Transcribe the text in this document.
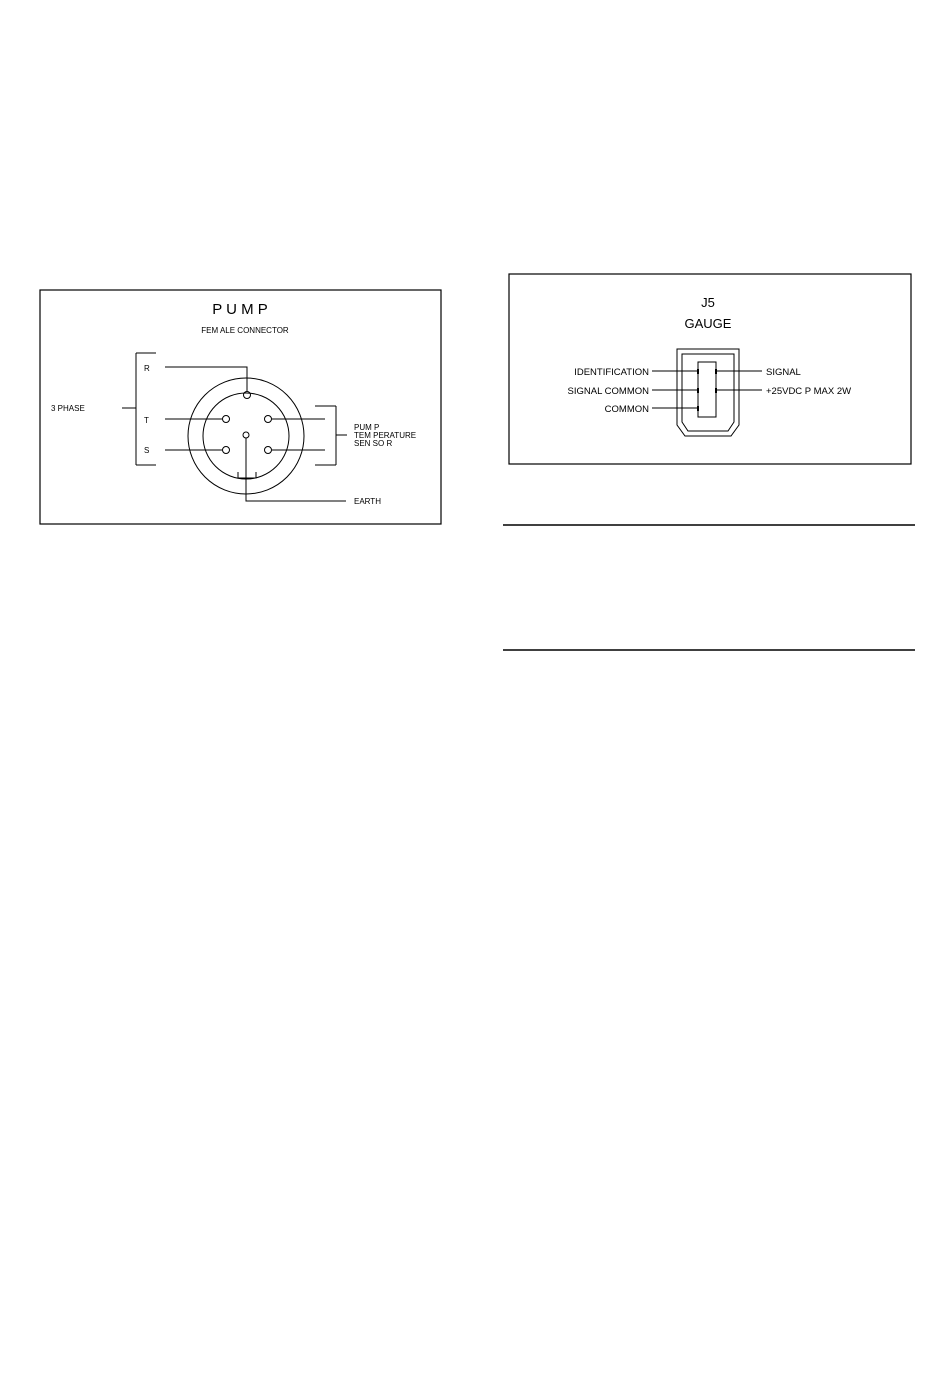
P U M P
FEM ALE CONNECTOR
3 PHASE
R
T
S
PUM P
TEM PERATURE
SEN SO R
EARTH
J5
GAUGE
IDENTIFICATION
SIGNAL COMMON
COMMON
SIGNAL
+25VDC P MAX 2W
